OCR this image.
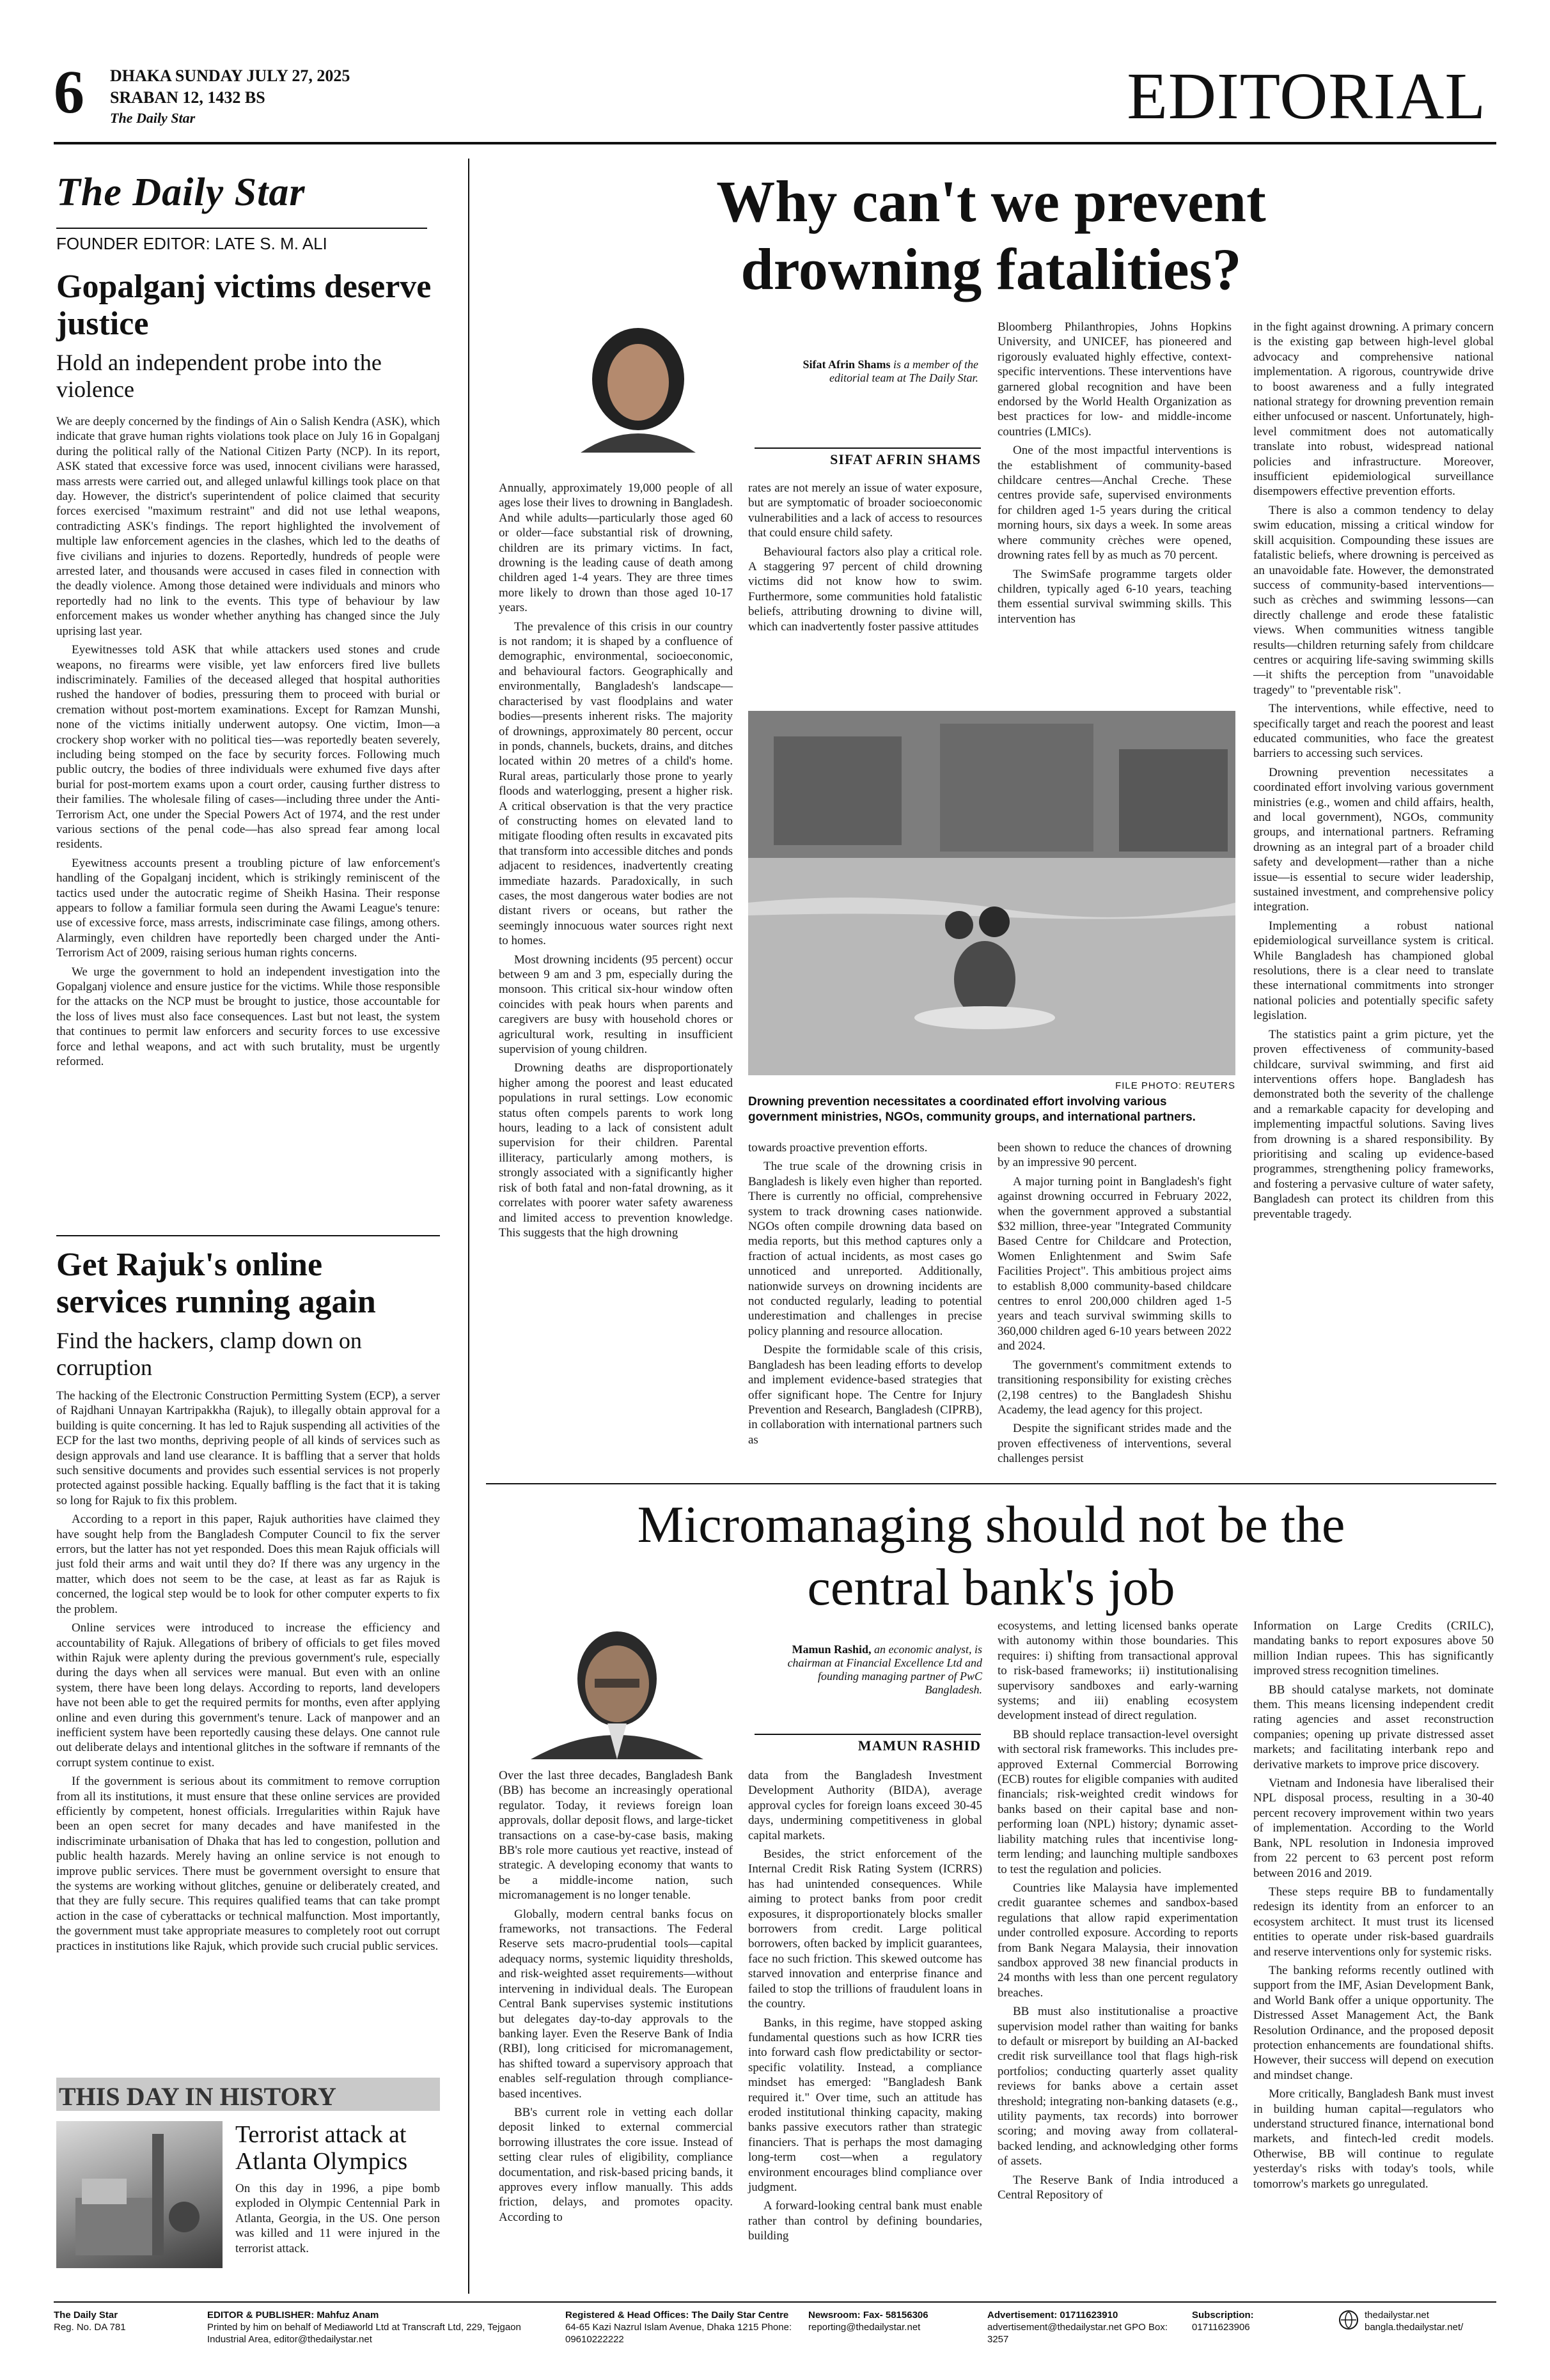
6 DHAKA SUNDAY JULY 27, 2025
SRABAN 12, 1432 BS
The Daily Star	EDITORIAL
The Daily Star
FOUNDER EDITOR: LATE S. M. ALI
Gopalganj victims deserve justice
Hold an independent probe into the violence

We are deeply concerned by the findings of Ain o Salish Kendra (ASK), which indicate that grave human rights violations took place on July 16 in Gopalganj during the political rally of the National Citizen Party (NCP). In its report, ASK stated that excessive force was used, innocent civilians were harassed, mass arrests were carried out, and alleged unlawful killings took place on that day. However, the district's superintendent of police claimed that security forces exercised "maximum restraint" and did not use lethal weapons, contradicting ASK's findings. The report highlighted the involvement of multiple law enforcement agencies in the clashes, which led to the deaths of five civilians and injuries to dozens. Reportedly, hundreds of people were arrested later, and thousands were accused in cases filed in connection with the deadly violence. Among those detained were individuals and minors who reportedly had no link to the events. This type of behaviour by law enforcement makes us wonder whether anything has changed since the July uprising last year.

Eyewitnesses told ASK that while attackers used stones and crude weapons, no firearms were visible, yet law enforcers fired live bullets indiscriminately. Families of the deceased alleged that hospital authorities rushed the handover of bodies, pressuring them to proceed with burial or cremation without post-mortem examinations. Except for Ramzan Munshi, none of the victims initially underwent autopsy. One victim, Imon—a crockery shop worker with no political ties—was reportedly beaten severely, including being stomped on the face by security forces. Following much public outcry, the bodies of three individuals were exhumed five days after burial for post-mortem exams upon a court order, causing further distress to their families. The wholesale filing of cases—including three under the Anti-Terrorism Act, one under the Special Powers Act of 1974, and the rest under various sections of the penal code—has also spread fear among local residents.

Eyewitness accounts present a troubling picture of law enforcement's handling of the Gopalganj incident, which is strikingly reminiscent of the tactics used under the autocratic regime of Sheikh Hasina. Their response appears to follow a familiar formula seen during the Awami League's tenure: use of excessive force, mass arrests, indiscriminate case filings, among others. Alarmingly, even children have reportedly been charged under the Anti-Terrorism Act of 2009, raising serious human rights concerns.

We urge the government to hold an independent investigation into the Gopalganj violence and ensure justice for the victims. While those responsible for the attacks on the NCP must be brought to justice, those accountable for the loss of lives must also face consequences. Last but not least, the system that continues to permit law enforcers and security forces to use excessive force and lethal weapons, and act with such brutality, must be urgently reformed.

Get Rajuk's online services running again
Find the hackers, clamp down on corruption

The hacking of the Electronic Construction Permitting System (ECP), a server of Rajdhani Unnayan Kartripakkha (Rajuk), to illegally obtain approval for a building is quite concerning. It has led to Rajuk suspending all activities of the ECP for the last two months, depriving people of all kinds of services such as design approvals and land use clearance. It is baffling that a server that holds such sensitive documents and provides such essential services is not properly protected against possible hacking. Equally baffling is the fact that it is taking so long for Rajuk to fix this problem.

According to a report in this paper, Rajuk authorities have claimed they have sought help from the Bangladesh Computer Council to fix the server errors, but the latter has not yet responded. Does this mean Rajuk officials will just fold their arms and wait until they do? If there was any urgency in the matter, which does not seem to be the case, at least as far as Rajuk is concerned, the logical step would be to look for other computer experts to fix the problem.

Online services were introduced to increase the efficiency and accountability of Rajuk. Allegations of bribery of officials to get files moved within Rajuk were aplenty during the previous government's rule, especially during the days when all services were manual. But even with an online system, there have been long delays. According to reports, land developers have not been able to get the required permits for months, even after applying online and even during this government's tenure. Lack of manpower and an inefficient system have been reportedly causing these delays. One cannot rule out deliberate delays and intentional glitches in the software if remnants of the corrupt system continue to exist.

If the government is serious about its commitment to remove corruption from all its institutions, it must ensure that these online services are provided efficiently by competent, honest officials. Irregularities within Rajuk have been an open secret for many decades and have manifested in the indiscriminate urbanisation of Dhaka that has led to congestion, pollution and public health hazards. Merely having an online service is not enough to improve public services. There must be government oversight to ensure that the systems are working without glitches, genuine or deliberately created, and that they are fully secure. This requires qualified teams that can take prompt action in the case of cyberattacks or technical malfunction. Most importantly, the government must take appropriate measures to completely root out corrupt practices in institutions like Rajuk, which provide such crucial public services.

THIS DAY IN HISTORY
Terrorist attack at Atlanta Olympics
On this day in 1996, a pipe bomb exploded in Olympic Centennial Park in Atlanta, Georgia, in the US. One person was killed and 11 were injured in the terrorist attack.
Why can't we prevent drowning fatalities?
Sifat Afrin Shams is a member of the editorial team at The Daily Star.
SIFAT AFRIN SHAMS

Annually, approximately 19,000 people of all ages lose their lives to drowning in Bangladesh. And while adults—particularly those aged 60 or older—face substantial risk of drowning, children are its primary victims. In fact, drowning is the leading cause of death among children aged 1-4 years. They are three times more likely to drown than those aged 10-17 years.

The prevalence of this crisis in our country is not random; it is shaped by a confluence of demographic, environmental, socioeconomic, and behavioural factors. Geographically and environmentally, Bangladesh's landscape—characterised by vast floodplains and water bodies—presents inherent risks. The majority of drownings, approximately 80 percent, occur in ponds, channels, buckets, drains, and ditches located within 20 metres of a child's home. Rural areas, particularly those prone to yearly floods and waterlogging, present a higher risk. A critical observation is that the very practice of constructing homes on elevated land to mitigate flooding often results in excavated pits that transform into accessible ditches and ponds adjacent to residences, inadvertently creating immediate hazards. Paradoxically, in such cases, the most dangerous water bodies are not distant rivers or oceans, but rather the seemingly innocuous water sources right next to homes.

Most drowning incidents (95 percent) occur between 9 am and 3 pm, especially during the monsoon. This critical six-hour window often coincides with peak hours when parents and caregivers are busy with household chores or agricultural work, resulting in insufficient supervision of young children.

Drowning deaths are disproportionately higher among the poorest and least educated populations in rural settings. Low economic status often compels parents to work long hours, leading to a lack of consistent adult supervision for their children. Parental illiteracy, particularly among mothers, is strongly associated with a significantly higher risk of both fatal and non-fatal drowning, as it correlates with poorer water safety awareness and limited access to prevention knowledge. This suggests that the high drowning

rates are not merely an issue of water exposure, but are symptomatic of broader socioeconomic vulnerabilities and a lack of access to resources that could ensure child safety.

Behavioural factors also play a critical role. A staggering 97 percent of child drowning victims did not know how to swim. Furthermore, some communities hold fatalistic beliefs, attributing drowning to divine will, which can inadvertently foster passive attitudes

Bloomberg Philanthropies, Johns Hopkins University, and UNICEF, has pioneered and rigorously evaluated highly effective, context-specific interventions. These interventions have garnered global recognition and have been endorsed by the World Health Organization as best practices for low- and middle-income countries (LMICs).

One of the most impactful interventions is the establishment of community-based childcare centres—Anchal Creche. These centres provide safe, supervised environments for children aged 1-5 years during the critical morning hours, six days a week. In some areas where community crèches were opened, drowning rates fell by as much as 70 percent.

The SwimSafe programme targets older children, typically aged 6-10 years, teaching them essential survival swimming skills. This intervention has

FILE PHOTO: REUTERS
Drowning prevention necessitates a coordinated effort involving various government ministries, NGOs, community groups, and international partners.

towards proactive prevention efforts.

The true scale of the drowning crisis in Bangladesh is likely even higher than reported. There is currently no official, comprehensive system to track drowning cases nationwide. NGOs often compile drowning data based on media reports, but this method captures only a fraction of actual incidents, as most cases go unnoticed and unreported. Additionally, nationwide surveys on drowning incidents are not conducted regularly, leading to potential underestimation and challenges in precise policy planning and resource allocation.

Despite the formidable scale of this crisis, Bangladesh has been leading efforts to develop and implement evidence-based strategies that offer significant hope. The Centre for Injury Prevention and Research, Bangladesh (CIPRB), in collaboration with international partners such as

been shown to reduce the chances of drowning by an impressive 90 percent.

A major turning point in Bangladesh's fight against drowning occurred in February 2022, when the government approved a substantial $32 million, three-year "Integrated Community Based Centre for Childcare and Protection, Women Enlightenment and Swim Safe Facilities Project". This ambitious project aims to establish 8,000 community-based childcare centres to enrol 200,000 children aged 1-5 years and teach survival swimming skills to 360,000 children aged 6-10 years between 2022 and 2024.

The government's commitment extends to transitioning responsibility for existing crèches (2,198 centres) to the Bangladesh Shishu Academy, the lead agency for this project.

Despite the significant strides made and the proven effectiveness of interventions, several challenges persist

in the fight against drowning. A primary concern is the existing gap between high-level global advocacy and comprehensive national implementation. A rigorous, countrywide drive to boost awareness and a fully integrated national strategy for drowning prevention remain either unfocused or nascent. Unfortunately, high-level commitment does not automatically translate into robust, widespread national policies and infrastructure. Moreover, insufficient epidemiological surveillance disempowers effective prevention efforts.

There is also a common tendency to delay swim education, missing a critical window for skill acquisition. Compounding these issues are fatalistic beliefs, where drowning is perceived as an unavoidable fate. However, the demonstrated success of community-based interventions—such as crèches and swimming lessons—can directly challenge and erode these fatalistic views. When communities witness tangible results—children returning safely from childcare centres or acquiring life-saving swimming skills—it shifts the perception from "unavoidable tragedy" to "preventable risk".

The interventions, while effective, need to specifically target and reach the poorest and least educated communities, who face the greatest barriers to accessing such services.

Drowning prevention necessitates a coordinated effort involving various government ministries (e.g., women and child affairs, health, and local government), NGOs, community groups, and international partners. Reframing drowning as an integral part of a broader child safety and development—rather than a niche issue—is essential to secure wider leadership, sustained investment, and comprehensive policy integration.

Implementing a robust national epidemiological surveillance system is critical. While Bangladesh has championed global resolutions, there is a clear need to translate these international commitments into stronger national policies and potentially specific safety legislation.

The statistics paint a grim picture, yet the proven effectiveness of community-based childcare, survival swimming, and first aid interventions offers hope. Bangladesh has demonstrated both the severity of the challenge and a remarkable capacity for developing and implementing impactful solutions. Saving lives from drowning is a shared responsibility. By prioritising and scaling up evidence-based programmes, strengthening policy frameworks, and fostering a pervasive culture of water safety, Bangladesh can protect its children from this preventable tragedy.

Micromanaging should not be the central bank's job
Mamun Rashid, an economic analyst, is chairman at Financial Excellence Ltd and founding managing partner of PwC Bangladesh.
MAMUN RASHID

Over the last three decades, Bangladesh Bank (BB) has become an increasingly operational regulator. Today, it reviews foreign loan approvals, dollar deposit flows, and large-ticket transactions on a case-by-case basis, making BB's role more cautious yet reactive, instead of strategic. A developing economy that wants to be a middle-income nation, such micromanagement is no longer tenable.

Globally, modern central banks focus on frameworks, not transactions. The Federal Reserve sets macro-prudential tools—capital adequacy norms, systemic liquidity thresholds, and risk-weighted asset requirements—without intervening in individual deals. The European Central Bank supervises systemic institutions but delegates day-to-day approvals to the banking layer. Even the Reserve Bank of India (RBI), long criticised for micromanagement, has shifted toward a supervisory approach that enables self-regulation through compliance-based incentives.

BB's current role in vetting each dollar deposit linked to external commercial borrowing illustrates the core issue. Instead of setting clear rules of eligibility, compliance documentation, and risk-based pricing bands, it approves every inflow manually. This adds friction, delays, and promotes opacity. According to

data from the Bangladesh Investment Development Authority (BIDA), average approval cycles for foreign loans exceed 30-45 days, undermining competitiveness in global capital markets.

Besides, the strict enforcement of the Internal Credit Risk Rating System (ICRRS) has had unintended consequences. While aiming to protect banks from poor credit exposures, it disproportionately blocks smaller borrowers from credit. Large political borrowers, often backed by implicit guarantees, face no such friction. This skewed outcome has starved innovation and enterprise finance and failed to stop the trillions of fraudulent loans in the country.

Banks, in this regime, have stopped asking fundamental questions such as how ICRR ties into forward cash flow predictability or sector-specific volatility. Instead, a compliance mindset has emerged: "Bangladesh Bank required it." Over time, such an attitude has eroded institutional thinking capacity, making banks passive executors rather than strategic financiers. That is perhaps the most damaging long-term cost—when a regulatory environment encourages blind compliance over judgment.

A forward-looking central bank must enable rather than control by defining boundaries, building

ecosystems, and letting licensed banks operate with autonomy within those boundaries. This requires: i) shifting from transactional approval to risk-based frameworks; ii) institutionalising supervisory sandboxes and early-warning systems; and iii) enabling ecosystem development instead of direct regulation.

BB should replace transaction-level oversight with sectoral risk frameworks. This includes pre-approved External Commercial Borrowing (ECB) routes for eligible companies with audited financials; risk-weighted credit windows for banks based on their capital base and non-performing loan (NPL) history; dynamic asset-liability matching rules that incentivise long-term lending; and launching multiple sandboxes to test the regulation and policies.

Countries like Malaysia have implemented credit guarantee schemes and sandbox-based regulations that allow rapid experimentation under controlled exposure. According to reports from Bank Negara Malaysia, their innovation sandbox approved 38 new financial products in 24 months with less than one percent regulatory breaches.

BB must also institutionalise a proactive supervision model rather than waiting for banks to default or misreport by building an AI-backed credit risk surveillance tool that flags high-risk portfolios; conducting quarterly asset quality reviews for banks above a certain asset threshold; integrating non-banking datasets (e.g., utility payments, tax records) into borrower scoring; and moving away from collateral-backed lending, and acknowledging other forms of assets.

The Reserve Bank of India introduced a Central Repository of

Information on Large Credits (CRILC), mandating banks to report exposures above 50 million Indian rupees. This has significantly improved stress recognition timelines.

BB should catalyse markets, not dominate them. This means licensing independent credit rating agencies and asset reconstruction companies; opening up private distressed asset markets; and facilitating interbank repo and derivative markets to improve price discovery.

Vietnam and Indonesia have liberalised their NPL disposal process, resulting in a 30-40 percent recovery improvement within two years of implementation. According to the World Bank, NPL resolution in Indonesia improved from 22 percent to 63 percent post reform between 2016 and 2019.

These steps require BB to fundamentally redesign its identity from an enforcer to an ecosystem architect. It must trust its licensed entities to operate under risk-based guardrails and reserve interventions only for systemic risks.

The banking reforms recently outlined with support from the IMF, Asian Development Bank, and World Bank offer a unique opportunity. The Distressed Asset Management Act, the Bank Resolution Ordinance, and the proposed deposit protection enhancements are foundational shifts. However, their success will depend on execution and mindset change.

More critically, Bangladesh Bank must invest in building human capital—regulators who understand structured finance, international bond markets, and fintech-led credit models. Otherwise, BB will continue to regulate yesterday's risks with today's tools, while tomorrow's markets go unregulated.

The Daily Star
Reg. No. DA 781
EDITOR & PUBLISHER: Mahfuz Anam
Printed by him on behalf of Mediaworld Ltd at Transcraft Ltd, 229, Tejgaon Industrial Area, editor@thedailystar.net
Registered & Head Offices: The Daily Star Centre
64-65 Kazi Nazrul Islam Avenue, Dhaka 1215 Phone: 09610222222
Newsroom: Fax- 58156306
reporting@thedailystar.net
Advertisement: 01711623910
advertisement@thedailystar.net GPO Box: 3257
Subscription:
01711623906
thedailystar.net
bangla.thedailystar.net/
